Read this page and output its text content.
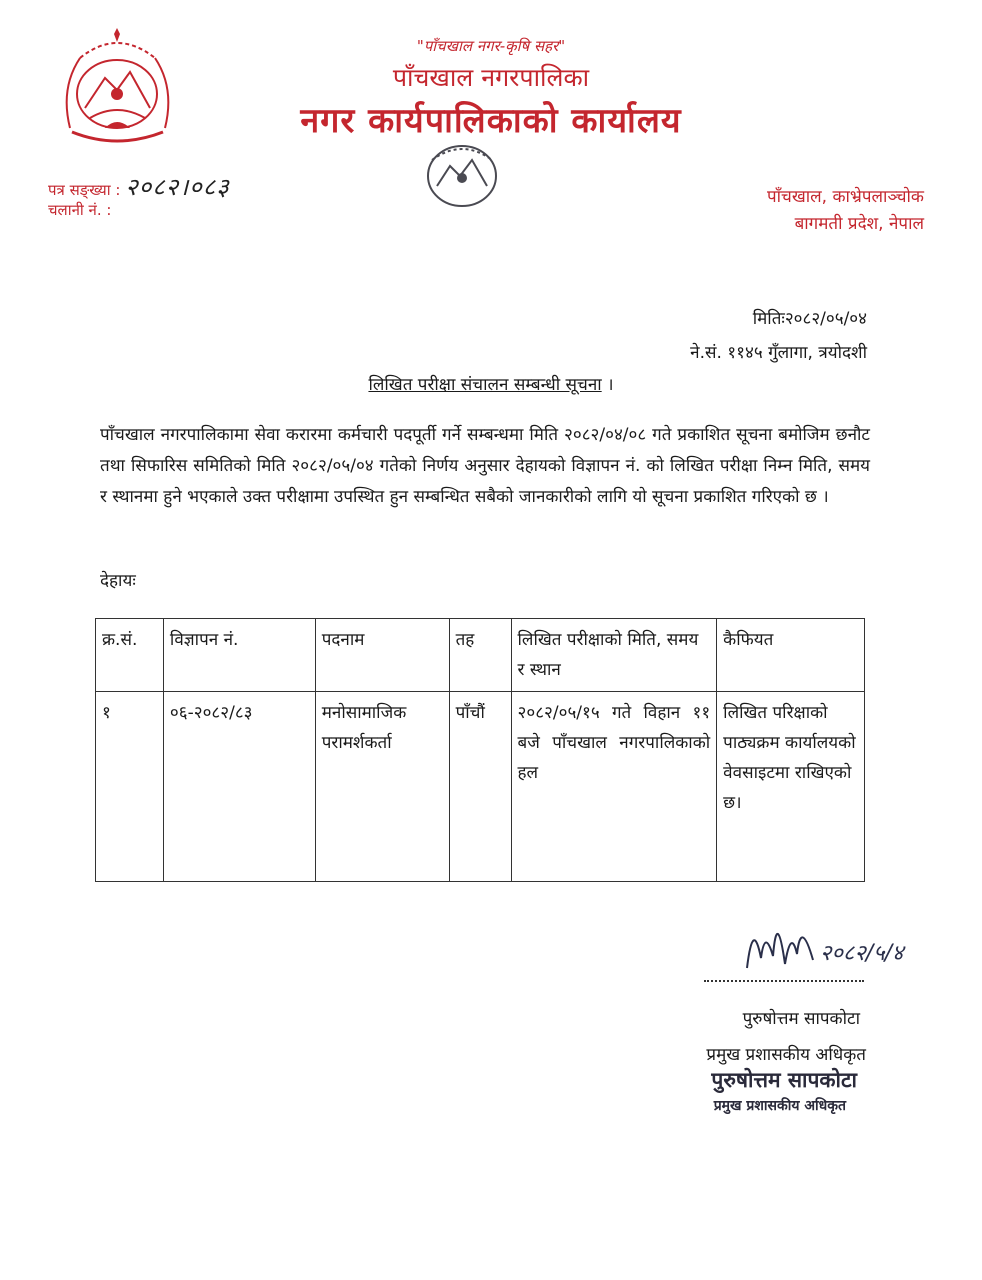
"पाँचखाल नगर-कृषि सहर"
पाँचखाल नगरपालिका
नगर कार्यपालिकाको कार्यालय
पत्र सङ्ख्या : २०८२।०८३
चलानी नं. :
पाँचखाल, काभ्रेपलाञ्चोक
बागमती प्रदेश, नेपाल
मितिः२०८२/०५/०४
ने.सं. ११४५ गुँलागा, त्रयोदशी
लिखित परीक्षा संचालन सम्बन्धी सूचना ।
पाँचखाल नगरपालिकामा सेवा करारमा कर्मचारी पदपूर्ती गर्ने सम्बन्धमा मिति २०८२/०४/०८ गते प्रकाशित सूचना बमोजिम छनौट तथा सिफारिस समितिको मिति २०८२/०५/०४ गतेको निर्णय अनुसार देहायको विज्ञापन नं. को लिखित परीक्षा निम्न मिति, समय र स्थानमा हुने भएकाले उक्त परीक्षामा उपस्थित हुन सम्बन्धित सबैको जानकारीको लागि यो सूचना प्रकाशित गरिएको छ ।
देहायः
क्र.सं.	विज्ञापन नं.	पदनाम	तह	लिखित परीक्षाको मिति, समय र स्थान	कैफियत
१	०६-२०८२/८३	मनोसामाजिक परामर्शकर्ता	पाँचौं	२०८२/०५/१५ गते विहान ११ बजे पाँचखाल नगरपालिकाको हल	लिखित परिक्षाको पाठ्यक्रम कार्यालयको वेवसाइटमा राखिएको छ।
२०८२/५/४
पुरुषोत्तम सापकोटा
प्रमुख प्रशासकीय अधिकृत
पुरुषोत्तम सापकोटा
प्रमुख प्रशासकीय अधिकृत
